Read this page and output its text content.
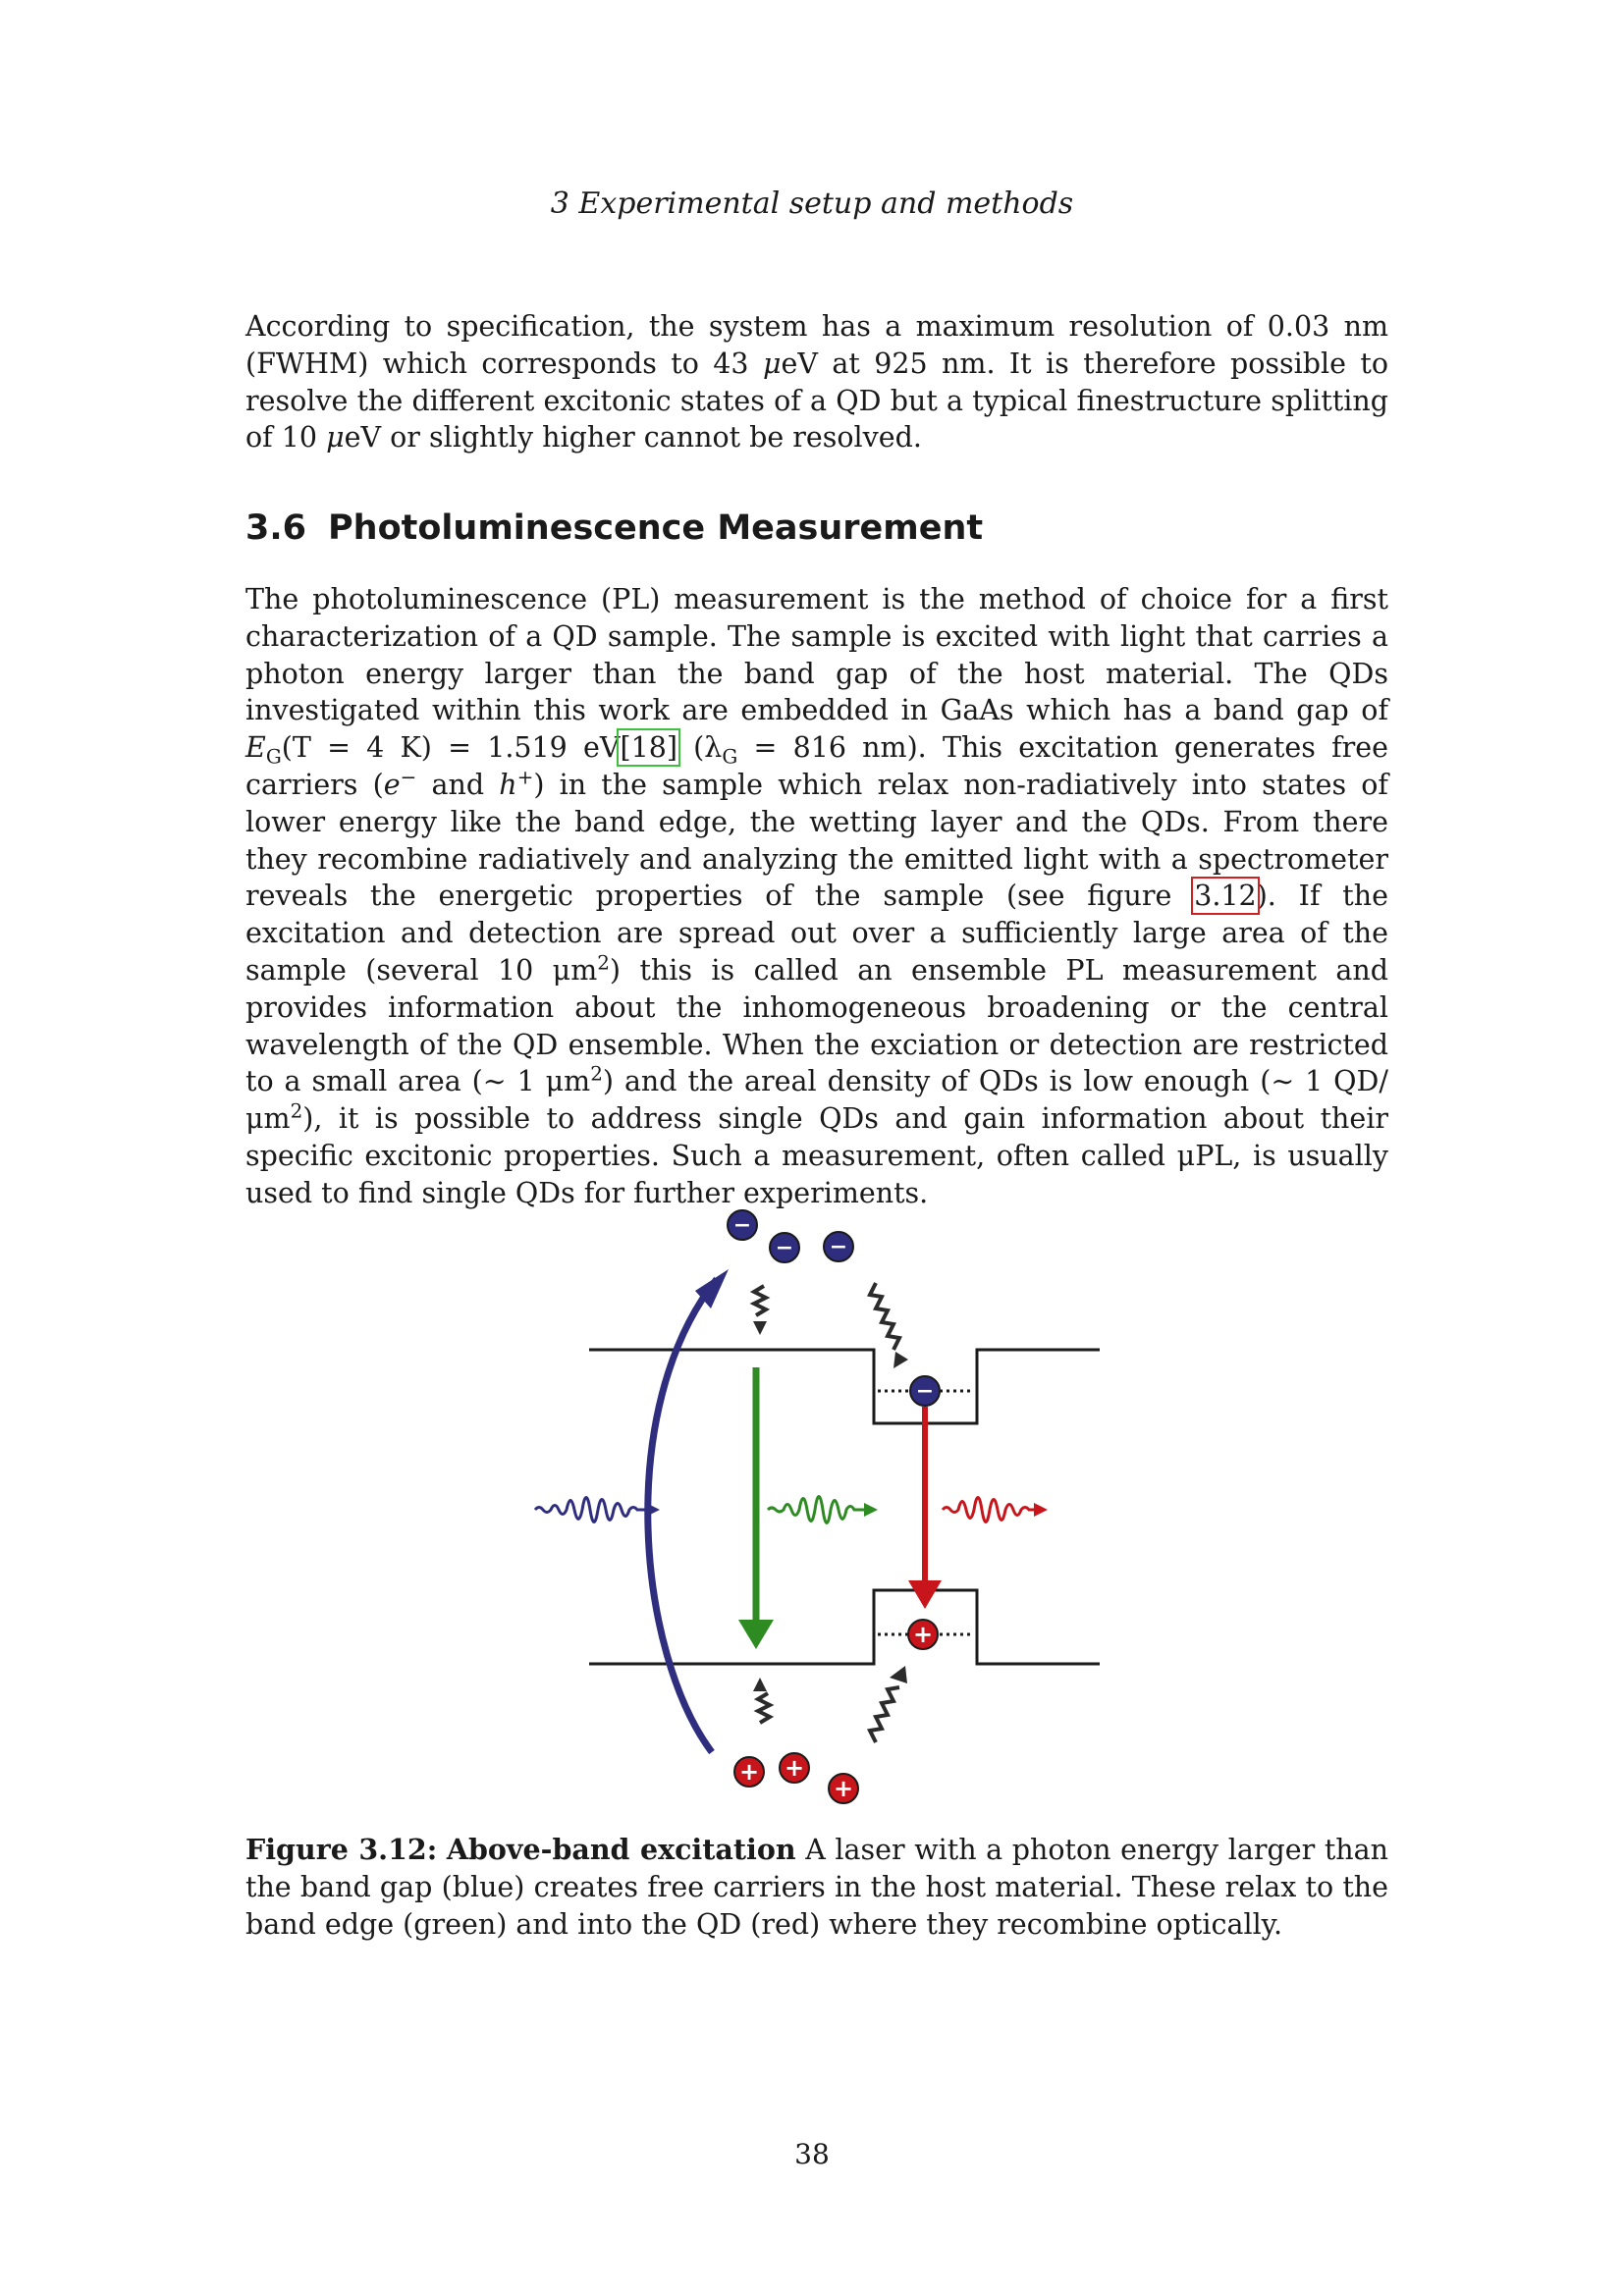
3 Experimental setup and methods

According to specification, the system has a maximum resolution of 0.03 nm (FWHM) which corresponds to 43 μeV at 925 nm. It is therefore possible to resolve the different excitonic states of a QD but a typical finestructure splitting of 10 μeV or slightly higher cannot be resolved.

3.6 Photoluminescence Measurement

The photoluminescence (PL) measurement is the method of choice for a first characterization of a QD sample. The sample is excited with light that carries a photon energy larger than the band gap of the host material. The QDs investigated within this work are embedded in GaAs which has a band gap of $E_G(T = 4$ K) = 1.519 eV[18] ($\lambda_G = 816$ nm). This excitation generates free carriers (e− and h+) in the sample which relax non-radiatively into states of lower energy like the band edge, the wetting layer and the QDs. From there they recombine radiatively and analyzing the emitted light with a spectrometer reveals the energetic properties of the sample (see figure 3.12). If the excitation and detection are spread out over a sufficiently large area of the sample (several 10 $\mu m^2$) this is called an ensemble PL measurement and provides information about the inhomogeneous broadening or the central wavelength of the QD ensemble. When the exciation or detection are restricted to a small area (∼ 1 $\mu m^2$) and the areal density of QDs is low enough (∼ 1 $QD/\mu m^2$), it is possible to address single QDs and gain information about their specific excitonic properties. Such a measurement, often called μPL, is usually used to find single QDs for further experiments.

−
− −
−
+
+ +
+

Figure 3.12: Above-band excitation A laser with a photon energy larger than the band gap (blue) creates free carriers in the host material. These relax to the band edge (green) and into the QD (red) where they recombine optically.

38
